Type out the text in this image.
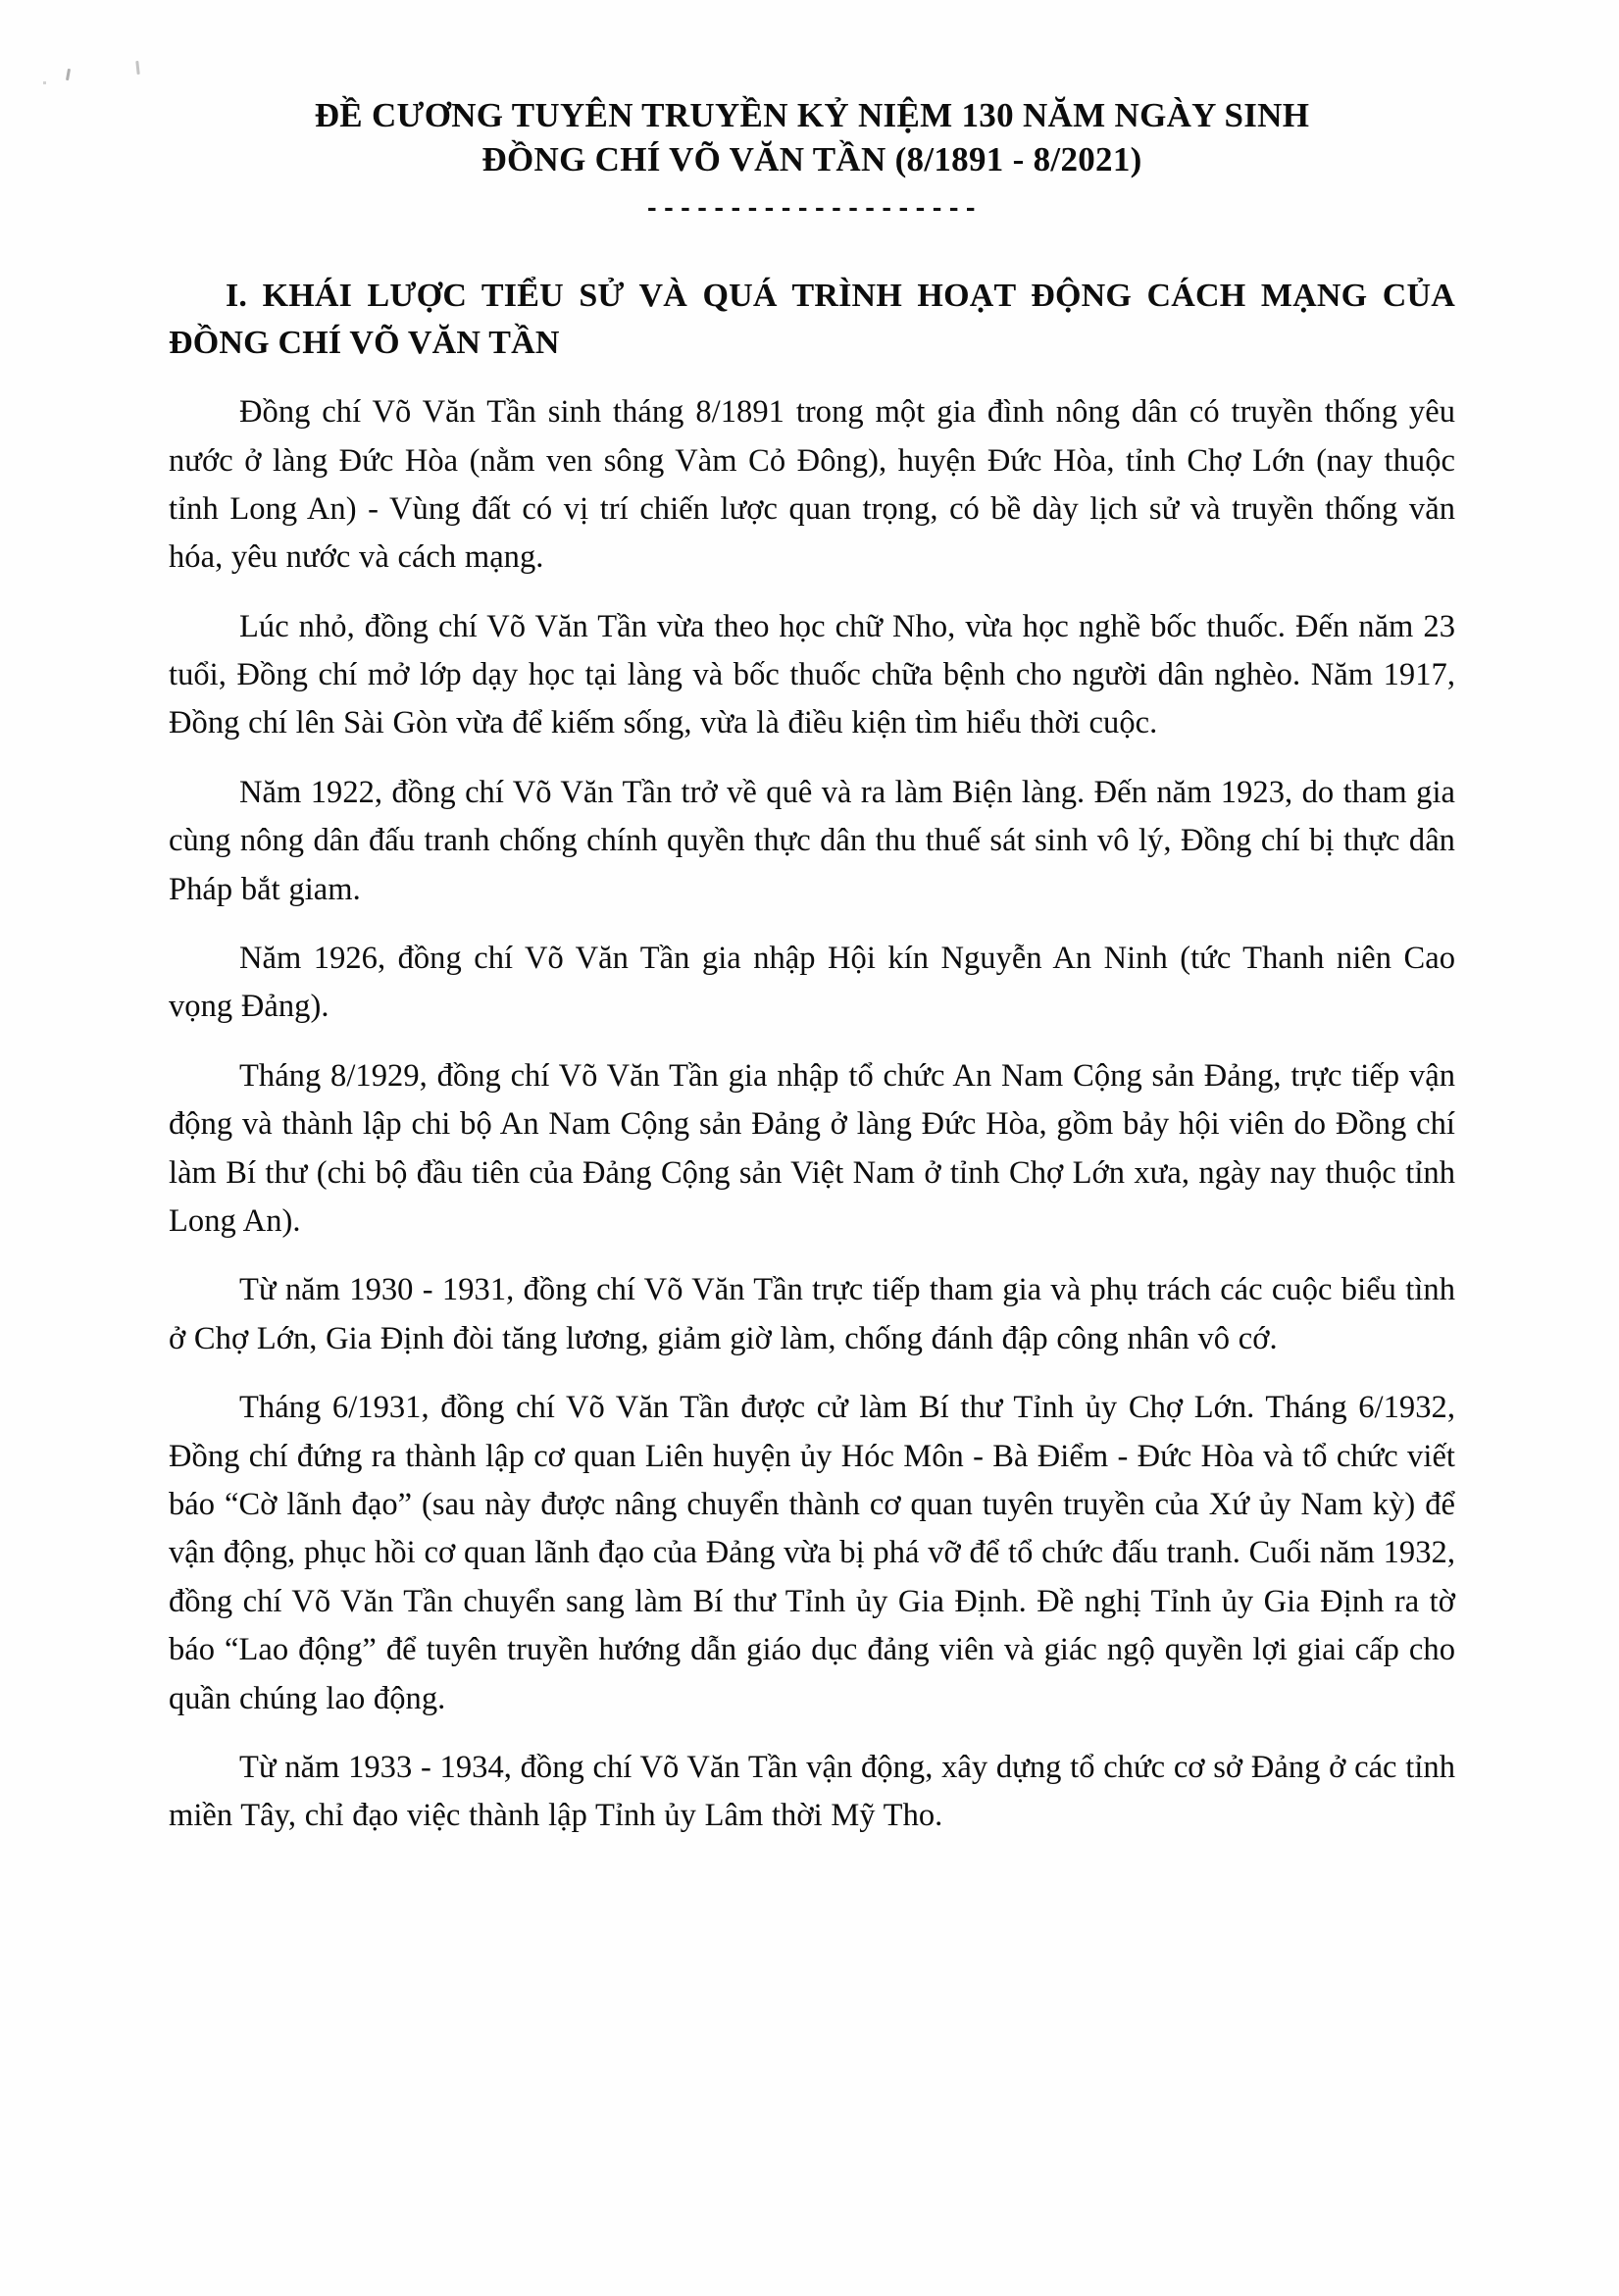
ĐỀ CƯƠNG TUYÊN TRUYỀN KỶ NIỆM 130 NĂM NGÀY SINH
ĐỒNG CHÍ VÕ VĂN TẦN (8/1891 - 8/2021)
--------------------
I. KHÁI LƯỢC TIỂU SỬ VÀ QUÁ TRÌNH HOẠT ĐỘNG CÁCH MẠNG CỦA ĐỒNG CHÍ VÕ VĂN TẦN

Đồng chí Võ Văn Tần sinh tháng 8/1891 trong một gia đình nông dân có truyền thống yêu nước ở làng Đức Hòa (nằm ven sông Vàm Cỏ Đông), huyện Đức Hòa, tỉnh Chợ Lớn (nay thuộc tỉnh Long An) - Vùng đất có vị trí chiến lược quan trọng, có bề dày lịch sử và truyền thống văn hóa, yêu nước và cách mạng.

Lúc nhỏ, đồng chí Võ Văn Tần vừa theo học chữ Nho, vừa học nghề bốc thuốc. Đến năm 23 tuổi, Đồng chí mở lớp dạy học tại làng và bốc thuốc chữa bệnh cho người dân nghèo. Năm 1917, Đồng chí lên Sài Gòn vừa để kiếm sống, vừa là điều kiện tìm hiểu thời cuộc.

Năm 1922, đồng chí Võ Văn Tần trở về quê và ra làm Biện làng. Đến năm 1923, do tham gia cùng nông dân đấu tranh chống chính quyền thực dân thu thuế sát sinh vô lý, Đồng chí bị thực dân Pháp bắt giam.

Năm 1926, đồng chí Võ Văn Tần gia nhập Hội kín Nguyễn An Ninh (tức Thanh niên Cao vọng Đảng).

Tháng 8/1929, đồng chí Võ Văn Tần gia nhập tổ chức An Nam Cộng sản Đảng, trực tiếp vận động và thành lập chi bộ An Nam Cộng sản Đảng ở làng Đức Hòa, gồm bảy hội viên do Đồng chí làm Bí thư (chi bộ đầu tiên của Đảng Cộng sản Việt Nam ở tỉnh Chợ Lớn xưa, ngày nay thuộc tỉnh Long An).

Từ năm 1930 - 1931, đồng chí Võ Văn Tần trực tiếp tham gia và phụ trách các cuộc biểu tình ở Chợ Lớn, Gia Định đòi tăng lương, giảm giờ làm, chống đánh đập công nhân vô cớ.

Tháng 6/1931, đồng chí Võ Văn Tần được cử làm Bí thư Tỉnh ủy Chợ Lớn. Tháng 6/1932, Đồng chí đứng ra thành lập cơ quan Liên huyện ủy Hóc Môn - Bà Điểm - Đức Hòa và tổ chức viết báo “Cờ lãnh đạo” (sau này được nâng chuyển thành cơ quan tuyên truyền của Xứ ủy Nam kỳ) để vận động, phục hồi cơ quan lãnh đạo của Đảng vừa bị phá vỡ để tổ chức đấu tranh. Cuối năm 1932, đồng chí Võ Văn Tần chuyển sang làm Bí thư Tỉnh ủy Gia Định. Đề nghị Tỉnh ủy Gia Định ra tờ báo “Lao động” để tuyên truyền hướng dẫn giáo dục đảng viên và giác ngộ quyền lợi giai cấp cho quần chúng lao động.

Từ năm 1933 - 1934, đồng chí Võ Văn Tần vận động, xây dựng tổ chức cơ sở Đảng ở các tỉnh miền Tây, chỉ đạo việc thành lập Tỉnh ủy Lâm thời Mỹ Tho.
